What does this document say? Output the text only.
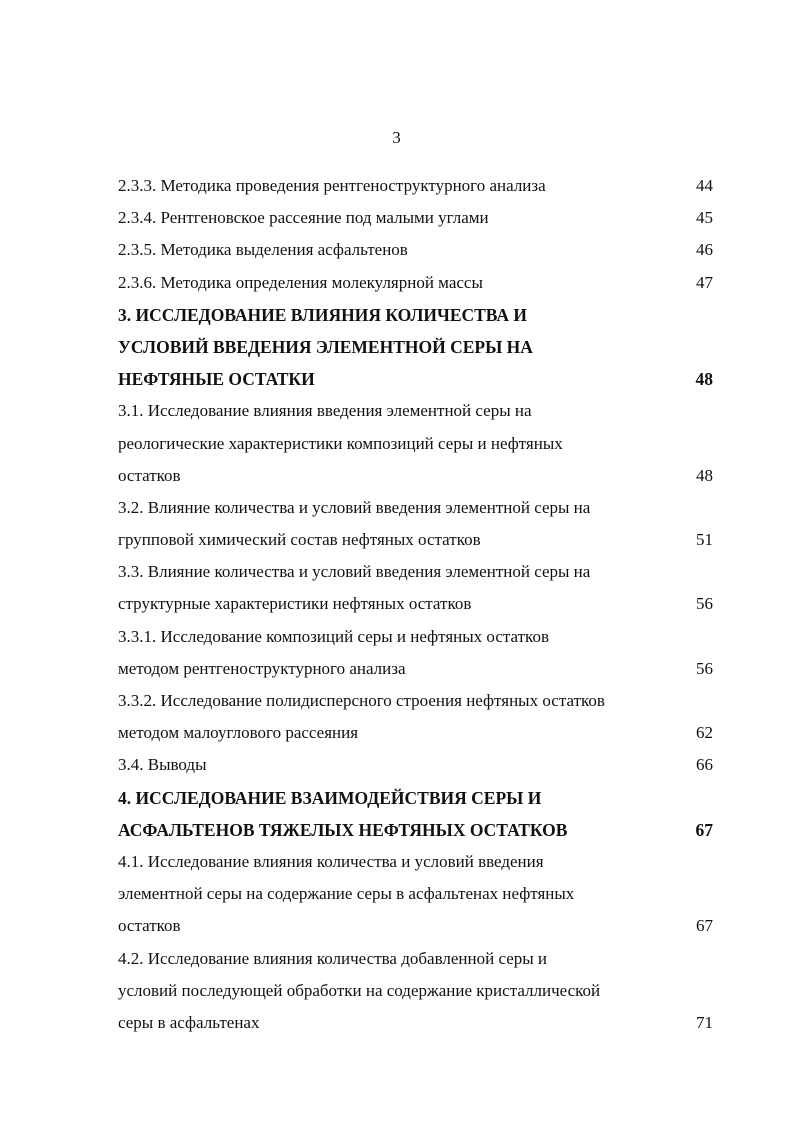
3
2.3.3. Методика проведения рентгеноструктурного анализа	44
2.3.4. Рентгеновское рассеяние под малыми углами	45
2.3.5. Методика выделения асфальтенов	46
2.3.6. Методика определения молекулярной массы	47
3. ИССЛЕДОВАНИЕ ВЛИЯНИЯ КОЛИЧЕСТВА И
УСЛОВИЙ ВВЕДЕНИЯ ЭЛЕМЕНТНОЙ СЕРЫ НА
НЕФТЯНЫЕ ОСТАТКИ	48
3.1. Исследование влияния введения элементной серы на
реологические характеристики композиций серы и нефтяных
остатков	48
3.2. Влияние количества и условий введения элементной серы на
групповой химический состав нефтяных остатков	51
3.3. Влияние количества и условий введения элементной серы на
структурные характеристики нефтяных остатков	56
3.3.1. Исследование композиций серы и нефтяных остатков
методом рентгеноструктурного анализа	56
3.3.2. Исследование полидисперсного строения нефтяных остатков
методом малоуглового рассеяния	62
3.4. Выводы	66
4. ИССЛЕДОВАНИЕ ВЗАИМОДЕЙСТВИЯ СЕРЫ И
АСФАЛЬТЕНОВ ТЯЖЕЛЫХ НЕФТЯНЫХ ОСТАТКОВ	67
4.1. Исследование влияния количества и условий введения
элементной серы на содержание серы в асфальтенах нефтяных
остатков	67
4.2. Исследование влияния количества добавленной серы и
условий последующей обработки на содержание кристаллической
серы в асфальтенах	71
